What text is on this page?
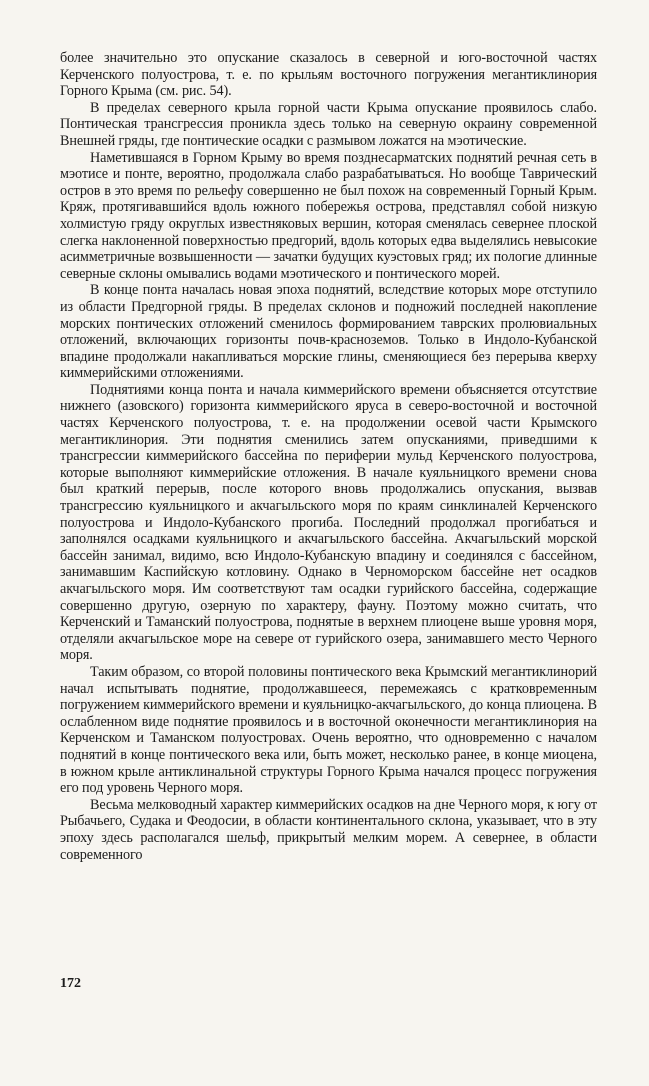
более значительно это опускание сказалось в северной и юго-восточной частях Керченского полуострова, т. е. по крыльям восточного погружения мегантиклинория Горного Крыма (см. рис. 54).

В пределах северного крыла горной части Крыма опускание проявилось слабо. Понтическая трансгрессия проникла здесь только на северную окраину современной Внешней гряды, где понтические осадки с размывом ложатся на мэотические.

Наметившаяся в Горном Крыму во время позднесарматских поднятий речная сеть в мэотисе и понте, вероятно, продолжала слабо разрабатываться. Но вообще Таврический остров в это время по рельефу совершенно не был похож на современный Горный Крым. Кряж, протягивавшийся вдоль южного побережья острова, представлял собой низкую холмистую гряду округлых известняковых вершин, которая сменялась севернее плоской слегка наклоненной поверхностью предгорий, вдоль которых едва выделялись невысокие асимметричные возвышенности — зачатки будущих куэстовых гряд; их пологие длинные северные склоны омывались водами мэотического и понтического морей.

В конце понта началась новая эпоха поднятий, вследствие которых море отступило из области Предгорной гряды. В пределах склонов и подножий последней накопление морских понтических отложений сменилось формированием таврских пролювиальных отложений, включающих горизонты почв-красноземов. Только в Индоло-Кубанской впадине продолжали накапливаться морские глины, сменяющиеся без перерыва кверху киммерийскими отложениями.

Поднятиями конца понта и начала киммерийского времени объясняется отсутствие нижнего (азовского) горизонта киммерийского яруса в северо-восточной и восточной частях Керченского полуострова, т. е. на продолжении осевой части Крымского мегантиклинория. Эти поднятия сменились затем опусканиями, приведшими к трансгрессии киммерийского бассейна по периферии мульд Керченского полуострова, которые выполняют киммерийские отложения. В начале куяльницкого времени снова был краткий перерыв, после которого вновь продолжались опускания, вызвав трансгрессию куяльницкого и акчагыльского моря по краям синклиналей Керченского полуострова и Индоло-Кубанского прогиба. Последний продолжал прогибаться и заполнялся осадками куяльницкого и акчагыльского бассейна. Акчагыльский морской бассейн занимал, видимо, всю Индоло-Кубанскую впадину и соединялся с бассейном, занимавшим Каспийскую котловину. Однако в Черноморском бассейне нет осадков акчагыльского моря. Им соответствуют там осадки гурийского бассейна, содержащие совершенно другую, озерную по характеру, фауну. Поэтому можно считать, что Керченский и Таманский полуострова, поднятые в верхнем плиоцене выше уровня моря, отделяли акчагыльское море на севере от гурийского озера, занимавшего место Черного моря.

Таким образом, со второй половины понтического века Крымский мегантиклинорий начал испытывать поднятие, продолжавшееся, перемежаясь с кратковременным погружением киммерийского времени и куяльницко-акчагыльского, до конца плиоцена. В ослабленном виде поднятие проявилось и в восточной оконечности мегантиклинория на Керченском и Таманском полуостровах. Очень вероятно, что одновременно с началом поднятий в конце понтического века или, быть может, несколько ранее, в конце миоцена, в южном крыле антиклинальной структуры Горного Крыма начался процесс погружения его под уровень Черного моря.

Весьма мелководный характер киммерийских осадков на дне Черного моря, к югу от Рыбачьего, Судака и Феодосии, в области континентального склона, указывает, что в эту эпоху здесь располагался шельф, прикрытый мелким морем. А севернее, в области современного

172
